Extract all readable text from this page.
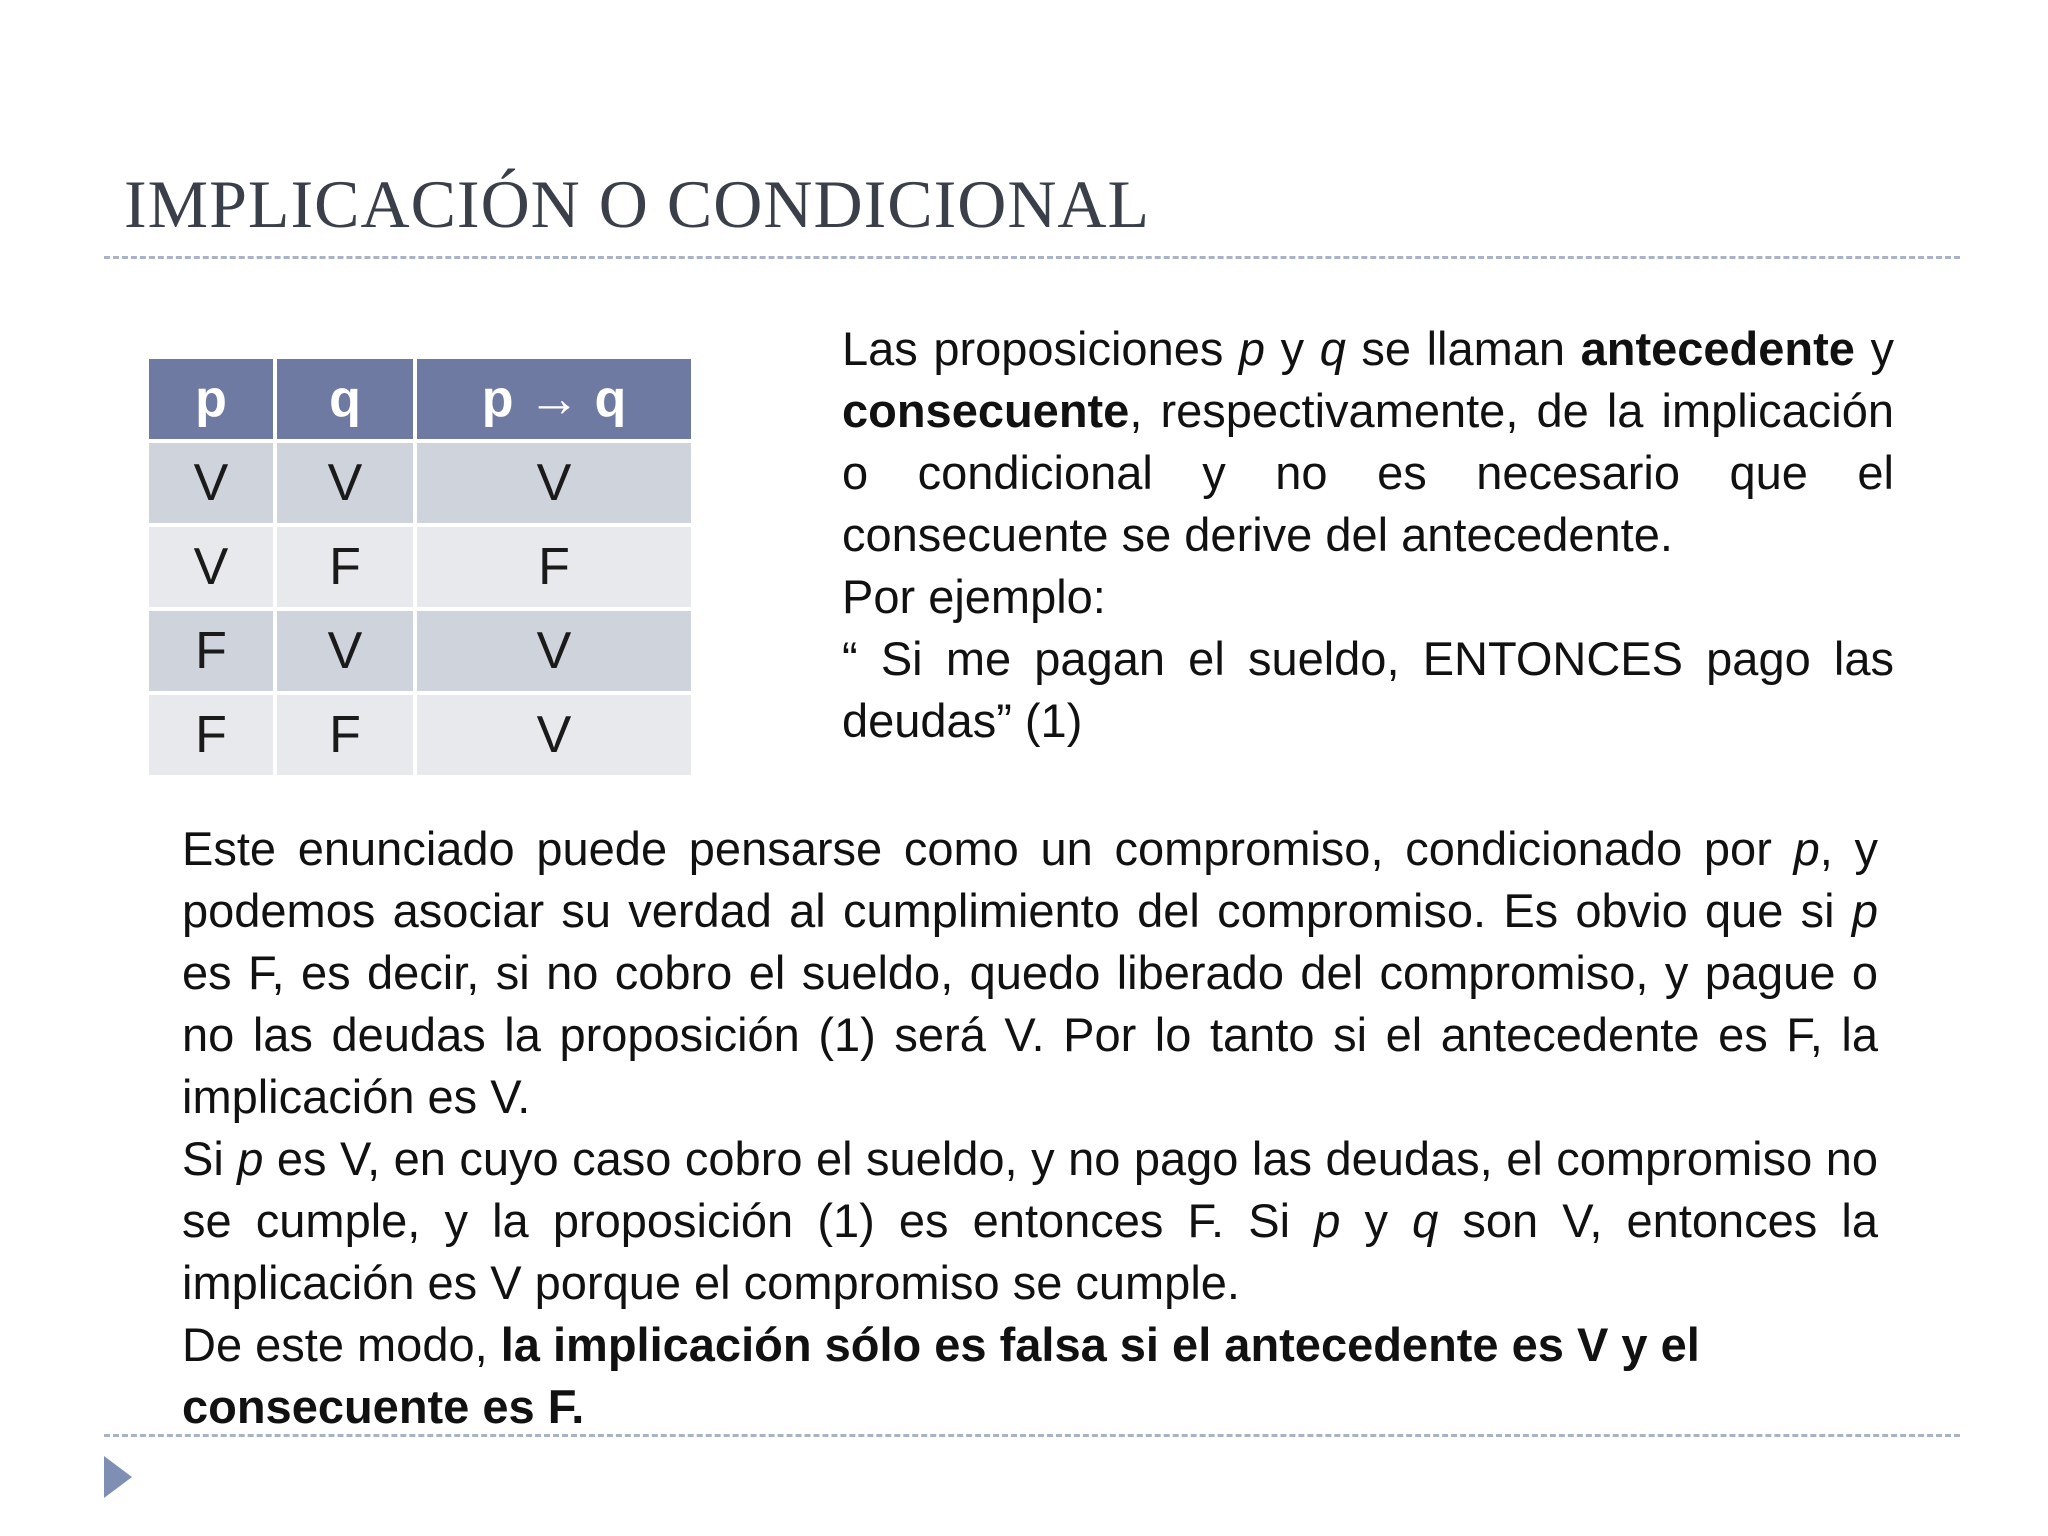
IMPLICACIÓN O CONDICIONAL
p	q	p → q
V	V	V
V	F	F
F	V	V
F	F	V

Las proposiciones p y q se llaman antecedente y consecuente, respectivamente, de la implicación o condicional y no es necesario que el consecuente se derive del antecedente.

Por ejemplo:

“ Si me pagan el sueldo, ENTONCES pago las deudas” (1)

Este enunciado puede pensarse como un compromiso, condicionado por p, y podemos asociar su verdad al cumplimiento del compromiso. Es obvio que si p es F, es decir, si no cobro el sueldo, quedo liberado del compromiso, y pague o no las deudas la proposición (1) será V. Por lo tanto si el antecedente es F, la implicación es V.

Si p es V, en cuyo caso cobro el sueldo, y no pago las deudas, el compromiso no se cumple, y la proposición (1) es entonces F. Si p y q son V, entonces la implicación es V porque el compromiso se cumple.

De este modo, la implicación sólo es falsa si el antecedente es V y el consecuente es F.
